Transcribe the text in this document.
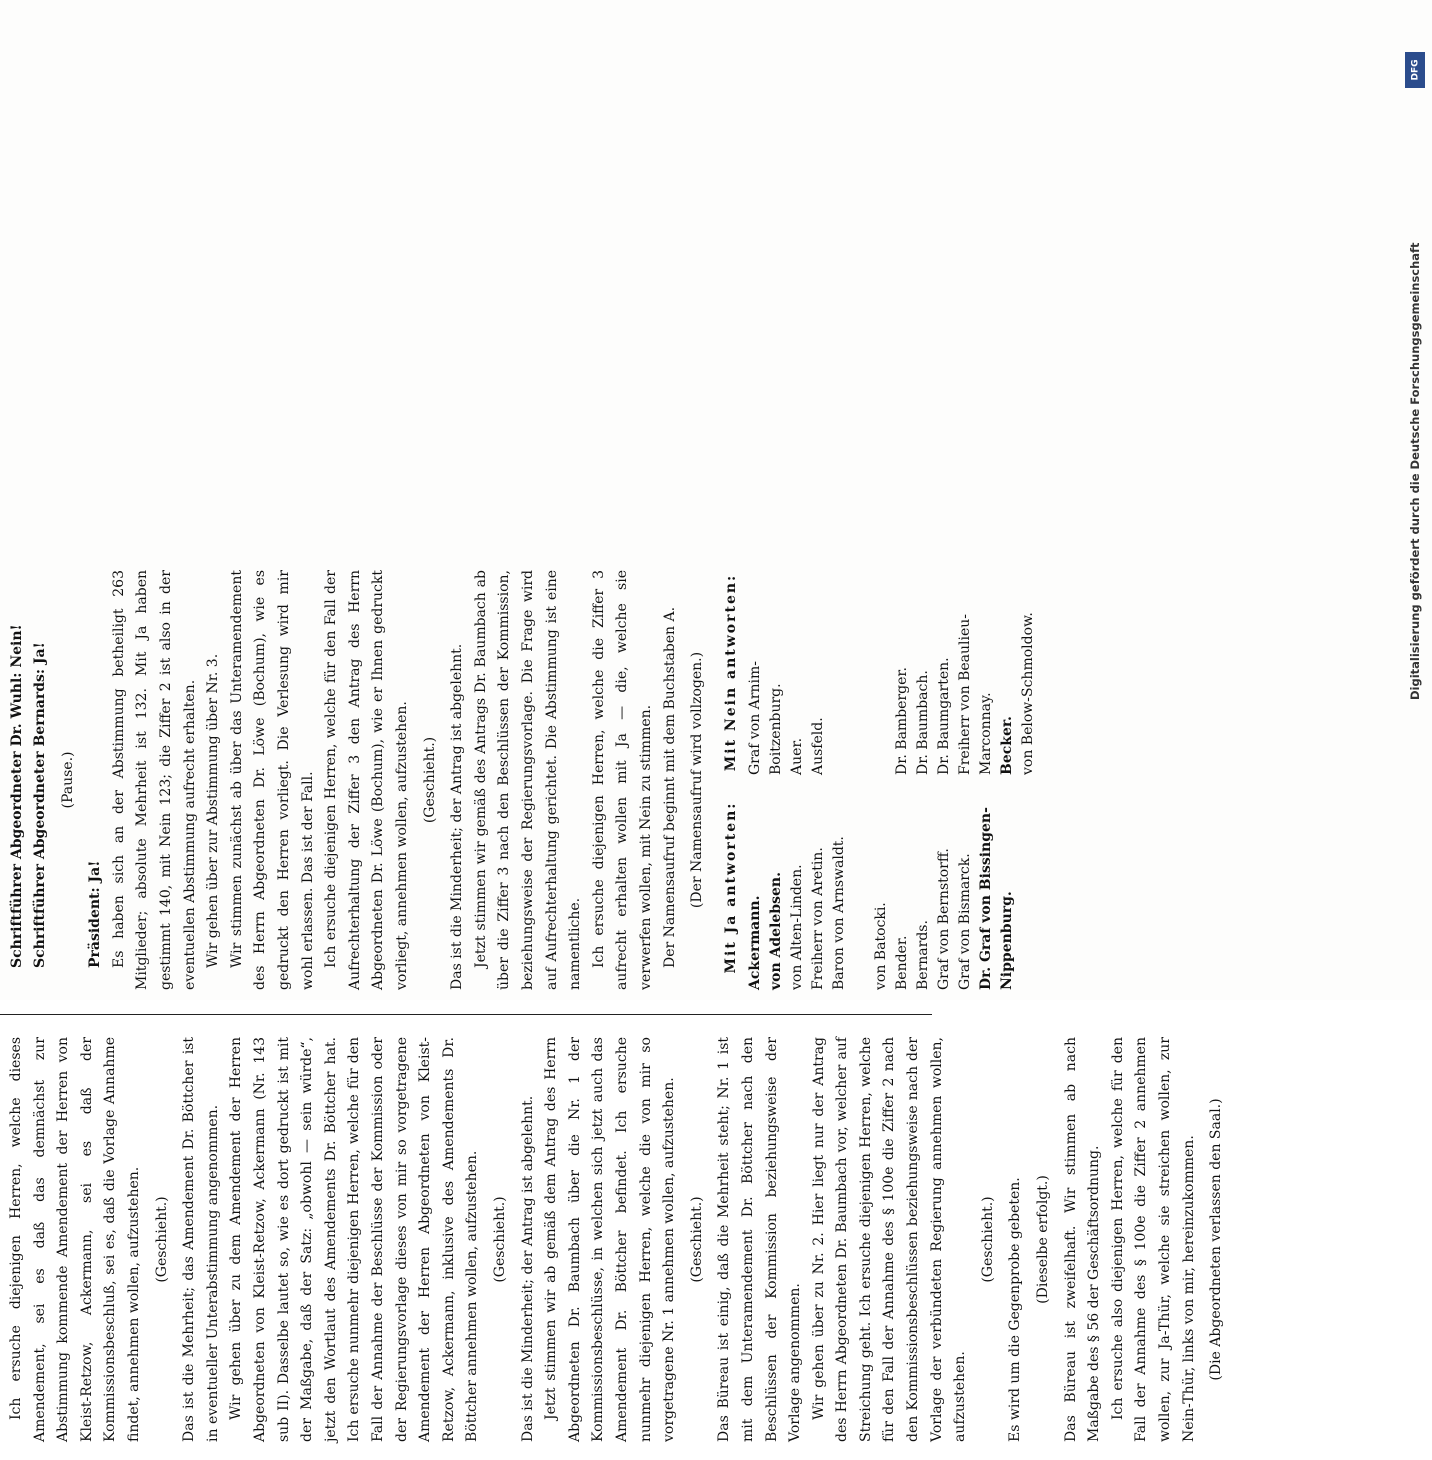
Ich ersuche diejenigen Herren, welche dieses Amendement, sei es daß das demnächst zur Abstimmung kommende Amendement der Herren von Kleist-Retzow, Ackermann, sei es daß der Kommissionsbeschluß, sei es, daß die Vorlage Annahme findet, annehmen wollen, aufzustehen. (Geschieht.) Das ist die Mehrheit; das Amendement Dr. Böttcher ist in eventueller Unterabstimmung angenommen. Wir gehen über zu dem Amendement der Herren Abgeordneten von Kleist-Retzow, Ackermann (Nr. 143 sub II). Dasselbe lautet so, wie es dort gedruckt ist mit der Maßgabe, daß der Satz: „obwohl — sein würde“, jetzt den Wortlaut des Amendements Dr. Böttcher hat. Ich ersuche nunmehr diejenigen Herren, welche für den Fall der Annahme der Beschlüsse der Kommission oder der Regierungsvorlage dieses von mir so vorgetragene Amendement der Herren Abgeordneten von Kleist-Retzow, Ackermann, inklusive des Amendements Dr. Böttcher annehmen wollen, aufzustehen. (Geschieht.) Das ist die Minderheit; der Antrag ist abgelehnt. Jetzt stimmen wir ab gemäß dem Antrag des Herrn Abgeordneten Dr. Baumbach über die Nr. 1 der Kommissionsbeschlüsse, in welchen sich jetzt auch das Amendement Dr. Böttcher befindet. Ich ersuche nunmehr diejenigen Herren, welche die von mir so vorgetragene Nr. 1 annehmen wollen, aufzustehen. (Geschieht.) Das Büreau ist einig, daß die Mehrheit steht; Nr. 1 ist mit dem Unteramendement Dr. Böttcher nach den Beschlüssen der Kommission beziehungsweise der Vorlage angenommen. Wir gehen über zu Nr. 2. Hier liegt nur der Antrag des Herrn Abgeordneten Dr. Baumbach vor, welcher auf Streichung geht. Ich ersuche diejenigen Herren, welche für den Fall der Annahme des § 100e die Ziffer 2 nach den Kommissionsbeschlüssen beziehungsweise nach der Vorlage der verbündeten Regierung annehmen wollen, aufzustehen.

(Geschieht.) Es wird um die Gegenprobe gebeten. (Dieselbe erfolgt.) Das Büreau ist zweifelhaft. Wir stimmen ab nach Maßgabe des § 56 der Geschäftsordnung. Ich ersuche also diejenigen Herren, welche für den Fall der Annahme des § 100e die Ziffer 2 annehmen wollen, zur Ja-Thür, welche sie streichen wollen, zur Nein-Thür, links von mir, hereinzukommen. (Die Abgeordneten verlassen den Saal.)

Schriftführer Abgeordneter Dr. Wuhl: Nein! Schriftführer Abgeordneter Bernards: Ja! (Pause.)

Präsident: Ja! Es haben sich an der Abstimmung betheiligt 263 Mitglieder; absolute Mehrheit ist 132. Mit Ja haben gestimmt 140, mit Nein 123; die Ziffer 2 ist also in der eventuellen Abstimmung aufrecht erhalten. Wir gehen über zur Abstimmung über Nr. 3. Wir stimmen zunächst ab über das Unteramendement des Herrn Abgeordneten Dr. Löwe (Bochum), wie es gedruckt den Herren vorliegt. Die Verlesung wird mir wohl erlassen. Das ist der Fall. Ich ersuche diejenigen Herren, welche für den Fall der Aufrechterhaltung der Ziffer 3 den Antrag des Herrn Abgeordneten Dr. Löwe (Bochum), wie er Ihnen gedruckt vorliegt, annehmen wollen, aufzustehen. (Geschieht.) Das ist die Minderheit; der Antrag ist abgelehnt. Jetzt stimmen wir gemäß des Antrags Dr. Baumbach ab über die Ziffer 3 nach den Beschlüssen der Kommission, beziehungsweise der Regierungsvorlage. Die Frage wird auf Aufrechterhaltung gerichtet. Die Abstimmung ist eine namentliche. Ich ersuche diejenigen Herren, welche die Ziffer 3 aufrecht erhalten wollen mit Ja — die, welche sie verwerfen wollen, mit Nein zu stimmen. Der Namensaufruf beginnt mit dem Buchstaben A. (Der Namensaufruf wird vollzogen.)	Mit Ja antworten: Ackermann. von Adelebsen. von Alten-Linden. Freiherr von Aretin. Baron von Arnswaldt.

von Batocki. Bender. Bernards. Graf von Bernstorff. Graf von Bismarck. Dr. Graf von Bissingen-Nippenburg.

Mit Nein antworten: Graf von Arnim-Boitzenburg. Auer. Ausfeld.

	Dr. Bamberger. Dr. Baumbach. Dr. Baumgarten. Freiherr von Beaulieu-Marconnay. Becker. von Below-Schmoldow.	Digitalisierung gefördert durch die Deutsche Forschungsgemeinschaft
DFG
